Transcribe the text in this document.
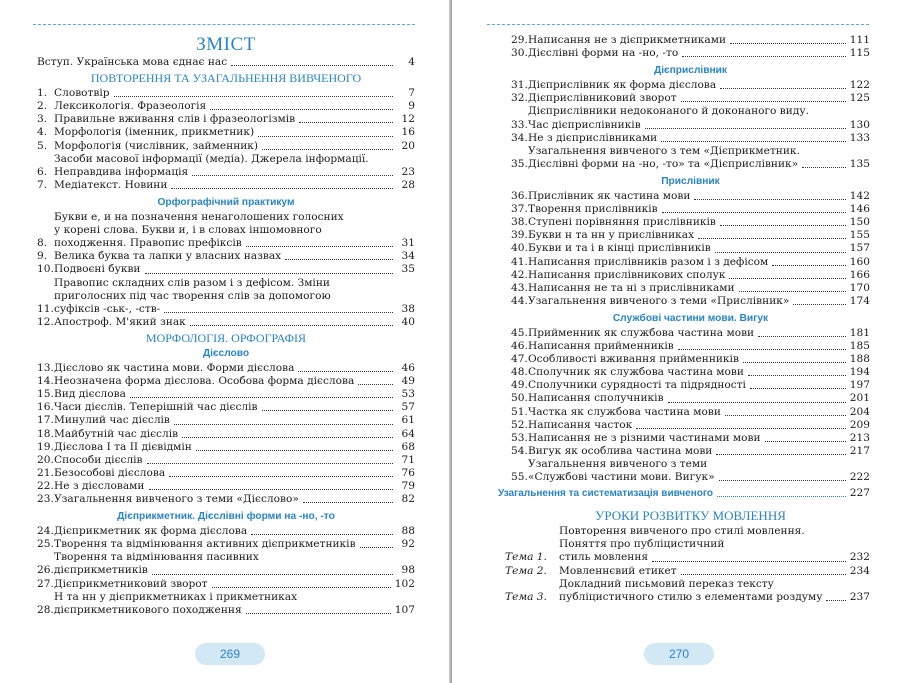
ЗМІСТ
Вступ. Українська мова єднає нас	4
ПОВТОРЕННЯ ТА УЗАГАЛЬНЕННЯ ВИВЧЕНОГО
1. Словотвір	7
2. Лексикологія. Фразеологія	9
3. Правильне вживання слів і фразеологізмів	12
4. Морфологія (іменник, прикметник)	16
5. Морфологія (числівник, займенник)	20
6.
Засоби масової інформації (медіа). Джерела інформації.
Неправдива інформація	23
7. Медіатекст. Новини	28
Орфографічний практикум
8.
Букви е, и на позначення ненаголошених голосних
у корені слова. Букви и, і в словах іншомовного
походження. Правопис префіксів	31
9. Велика буква та лапки у власних назвах	34
10. Подвоєні букви	35
11.
Правопис складних слів разом і з дефісом. Зміни
приголосних під час творення слів за допомогою
суфіксів -ськ-, -ств-	38
12. Апостроф. М'який знак	40
МОРФОЛОГІЯ. ОРФОГРАФІЯ
Дієслово
13. Дієслово як частина мови. Форми дієслова	46
14. Неозначена форма дієслова. Особова форма дієслова	49
15. Вид дієслова	53
16. Часи дієслів. Теперішній час дієслів	57
17. Минулий час дієслів	61
18. Майбутній час дієслів	64
19. Дієслова I та II дієвідмін	68
20. Способи дієслів	71
21. Безособові дієслова	76
22. Не з дієсловами	79
23. Узагальнення вивченого з теми «Дієслово»	82
Дієприкметник. Дієслівні форми на -но, -то
24. Дієприкметник як форма дієслова	88
25. Творення та відмінювання активних дієприкметників	92
26.
Творення та відмінювання пасивних
дієприкметників	98
27. Дієприкметниковий зворот	102
28.
Н та нн у дієприкметниках і прикметниках
дієприкметникового походження	107
269
29. Написання не з дієприкметниками	111
30. Дієслівні форми на -но, -то	115
Дієприслівник
31. Дієприслівник як форма дієслова	122
32. Дієприслівниковий зворот	125
33.
Дієприслівники недоконаного й доконаного виду.
Час дієприслівників	130
34. Не з дієприслівниками	133
35.
Узагальнення вивченого з тем «Дієприкметник.
Дієслівні форми на -но, -то» та «Дієприслівник»	135
Прислівник
36. Прислівник як частина мови	142
37. Творення прислівників	146
38. Ступені порівняння прислівників	150
39. Букви н та нн у прислівниках	155
40. Букви и та і в кінці прислівників	157
41. Написання прислівників разом і з дефісом	160
42. Написання прислівникових сполук	166
43. Написання не та ні з прислівниками	170
44. Узагальнення вивченого з теми «Прислівник»	174
Службові частини мови. Вигук
45. Прийменник як службова частина мови	181
46. Написання прийменників	185
47. Особливості вживання прийменників	188
48. Сполучник як службова частина мови	194
49. Сполучники сурядності та підрядності	197
50. Написання сполучників	201
51. Частка як службова частина мови	204
52. Написання часток	209
53. Написання не з різними частинами мови	213
54. Вигук як особлива частина мови	217
55.
Узагальнення вивченого з теми
«Службові частини мови. Вигук»	222
Узагальнення та систематизація вивченого	227
УРОКИ РОЗВИТКУ МОВЛЕННЯ
Тема 1.
Повторення вивченого про стилі мовлення.
Поняття про публіцистичний
стиль мовлення	232
Тема 2.	Мовленнєвий етикет	234
Тема 3.
Докладний письмовий переказ тексту
публіцистичного стилю з елементами роздуму	237
270
